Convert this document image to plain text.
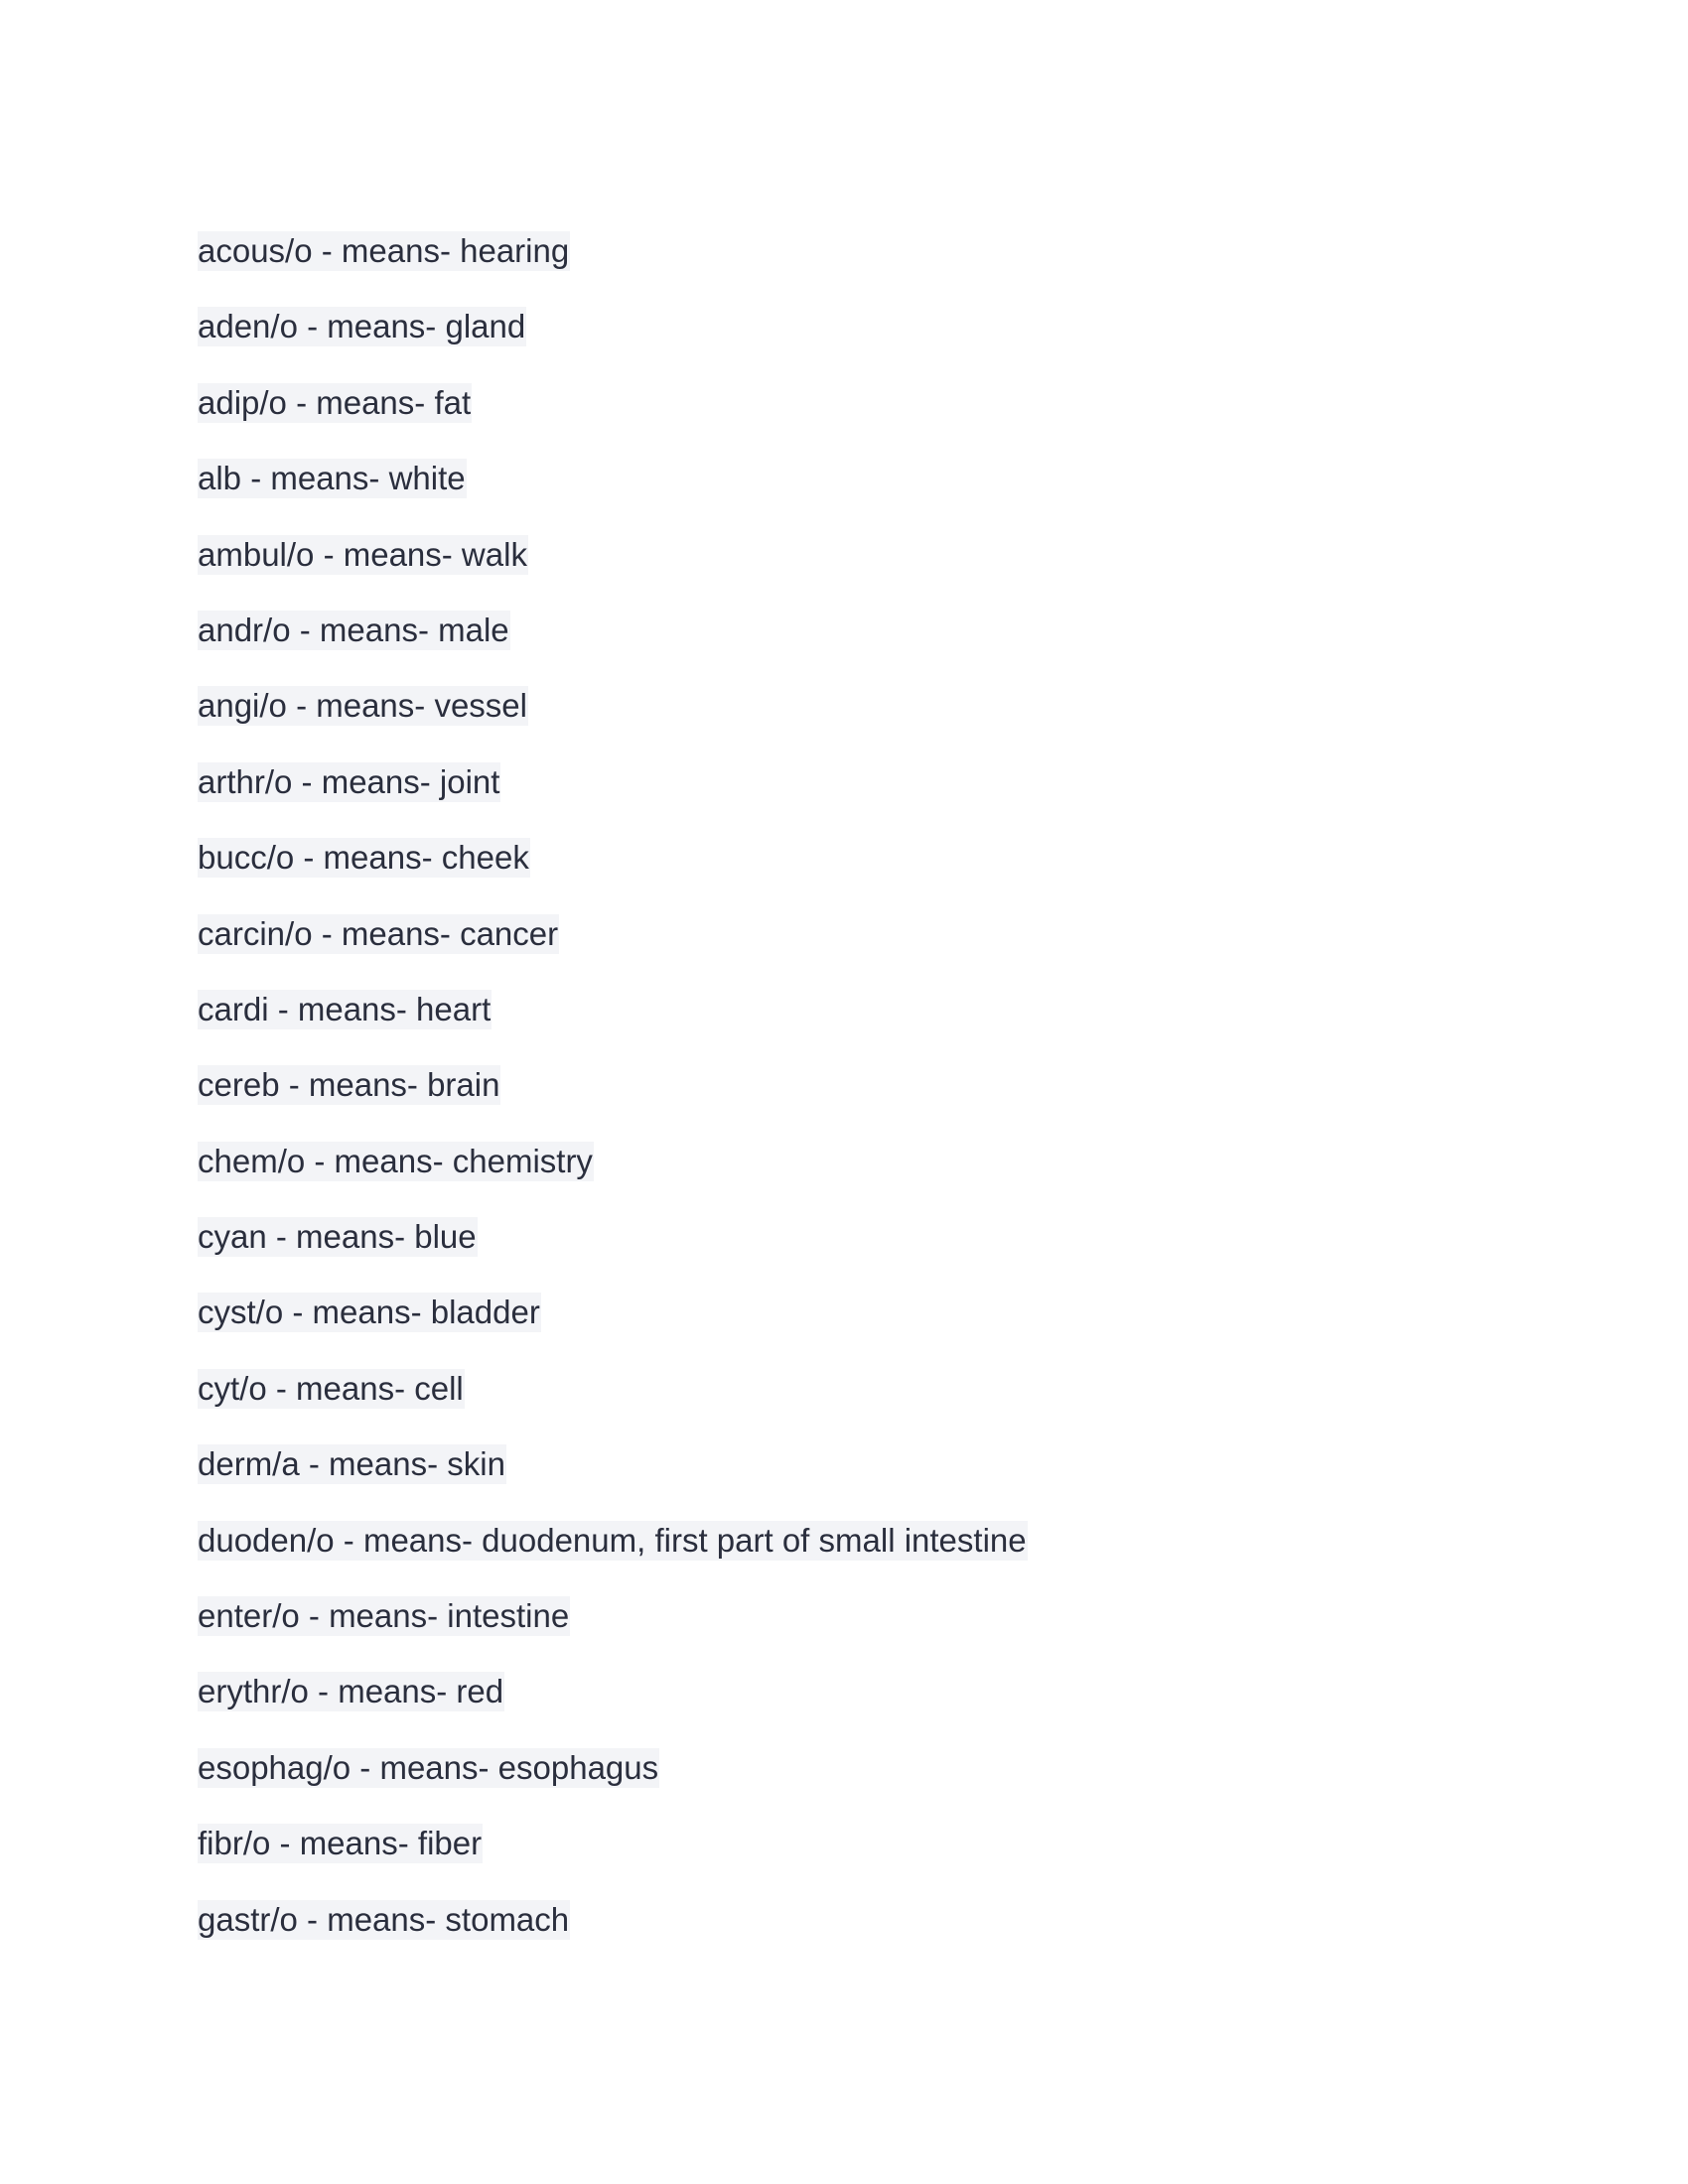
acous/o - means- hearing
aden/o - means- gland
adip/o - means- fat
alb - means- white
ambul/o - means- walk
andr/o - means- male
angi/o - means- vessel
arthr/o - means- joint
bucc/o - means- cheek
carcin/o - means- cancer
cardi - means- heart
cereb - means- brain
chem/o - means- chemistry
cyan - means- blue
cyst/o - means- bladder
cyt/o - means- cell
derm/a - means- skin
duoden/o - means- duodenum, first part of small intestine
enter/o - means- intestine
erythr/o - means- red
esophag/o - means- esophagus
fibr/o - means- fiber
gastr/o - means- stomach
